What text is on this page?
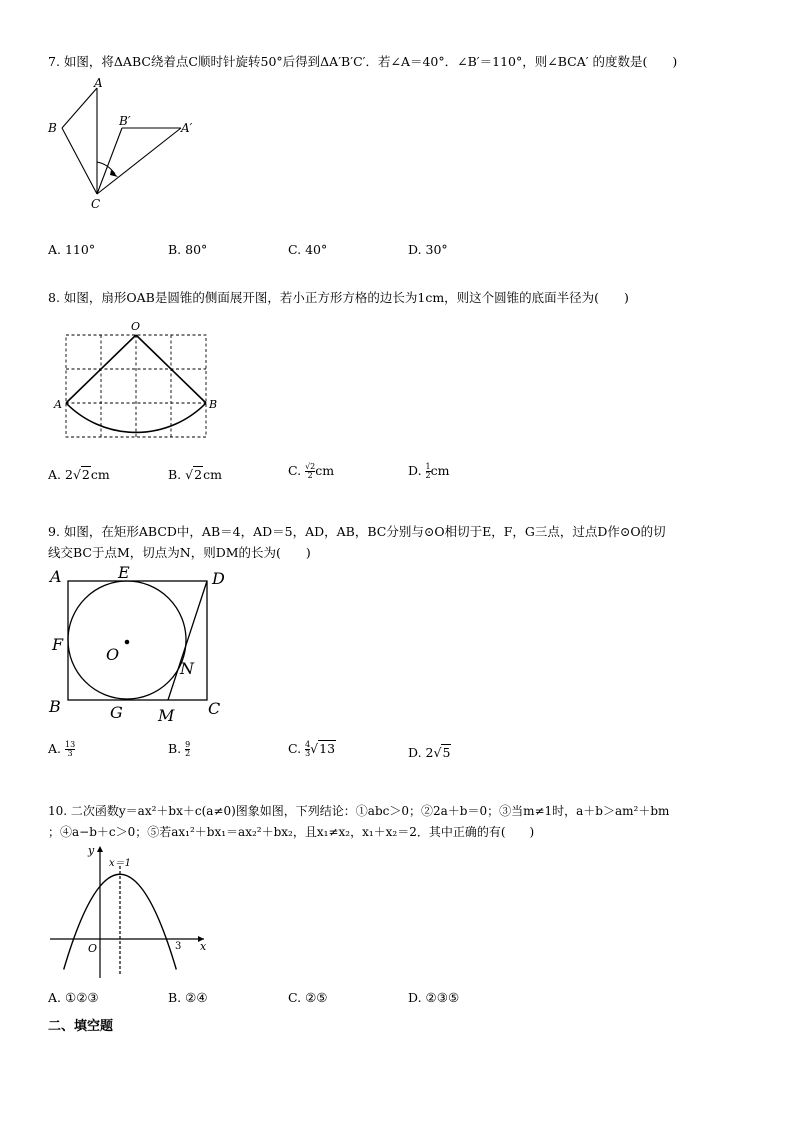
7. 如图，将ΔABC绕着点C顺时针旋转50°后得到ΔA′B′C′．若∠A＝40°．∠B′＝110°，则∠BCA′ 的度数是(　　)
A
B
C
B′	A′
A. 110°	B. 80°	C. 40°	D. 30°
8. 如图，扇形OAB是圆锥的侧面展开图，若小正方形方格的边长为1cm，则这个圆锥的底面半径为(　　)
O
A	B
A. 2√2cm	B. √2cm	C. $\frac{√2}{2}$ cm	D. $\frac{1}{2}$ cm
9. 如图，在矩形ABCD中，AB＝4，AD＝5，AD，AB，BC分别与⊙O相切于E，F，G三点，过点D作⊙O的切
线交BC于点M，切点为N，则DM的长为(　　)
A	E	D
F
O
N
B	G M C
A. $\frac{13}{3}$	B. $\frac{9}{2}$	C. $\frac{4}{3} √13$	D. 2√5
10. 二次函数y＝ax²＋bx＋c(a≠0)图象如图，下列结论：①abc＞0；②2a＋b＝0；③当m≠1时，a＋b＞am²＋bm
；④a−b＋c＞0；⑤若ax₁²＋bx₁＝ax₂²＋bx₂，且x₁≠x₂，x₁＋x₂＝2．其中正确的有(　　)
y
x＝1
O	3 x
A. ①②③	B. ②④	C. ②⑤	D. ②③⑤
二、填空题
